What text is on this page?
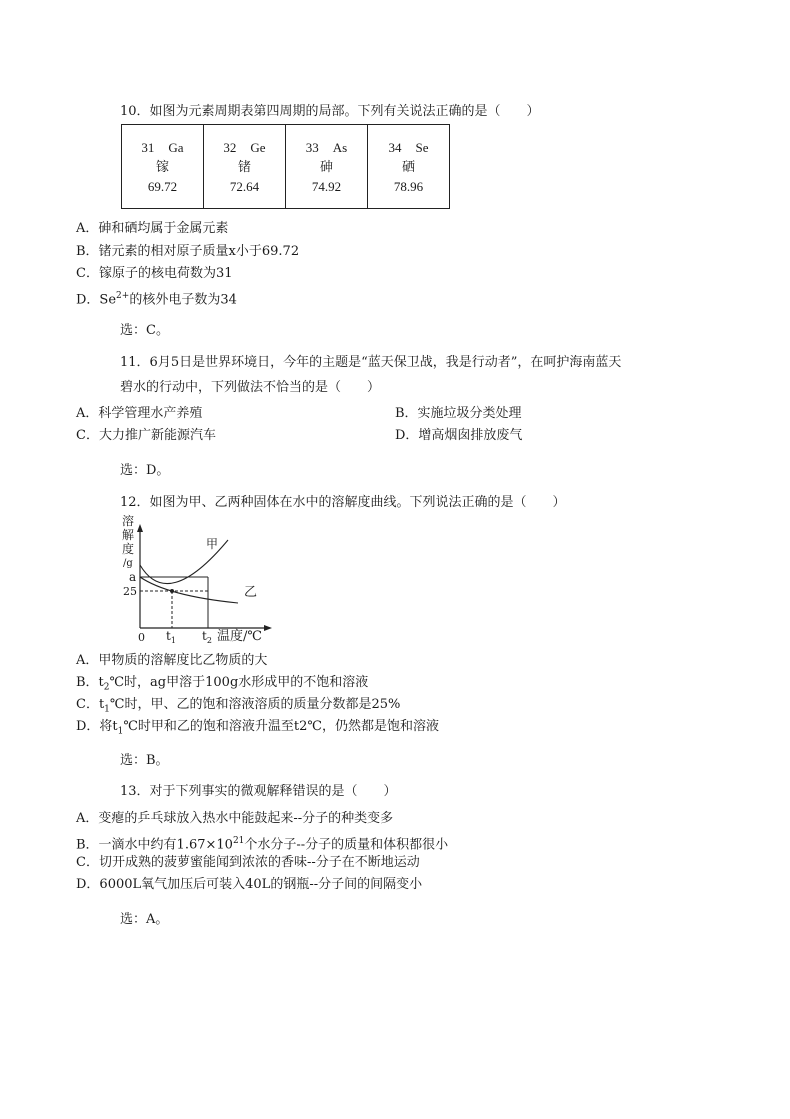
10．如图为元素周期表第四周期的局部。下列有关说法正确的是（　　）
31 Ga
镓
69.72

32 Ge
锗
72.64

33 As
砷
74.92

34 Se
硒
78.96
A．砷和硒均属于金属元素
B．锗元素的相对原子质量x小于69.72
C．镓原子的核电荷数为31
D．$Se^{2+}$的核外电子数为34
选：C。
11．6月5日是世界环境日，今年的主题是“蓝天保卫战，我是行动者”，在呵护海南蓝天
碧水的行动中，下列做法不恰当的是（　　）
A．科学管理水产养殖	B．实施垃圾分类处理
C．大力推广新能源汽车	D．增高烟囱排放废气
选：D。
12．如图为甲、乙两种固体在水中的溶解度曲线。下列说法正确的是（　　）
溶
解
度
/g
甲
乙
a
25
0 $t_1$ $t_2$ 温度/℃
A．甲物质的溶解度比乙物质的大
B．$t_2℃$时，ag甲溶于100g水形成甲的不饱和溶液
C．$t_1℃$时，甲、乙的饱和溶液溶质的质量分数都是25%
D．将$t_1℃$时甲和乙的饱和溶液升温至t2℃，仍然都是饱和溶液
选：B。
13．对于下列事实的微观解释错误的是（　　）
A．变瘪的乒乓球放入热水中能鼓起来--分子的种类变多
B．一滴水中约有$1.67\times 10^{21}$个水分子--分子的质量和体积都很小
C．切开成熟的菠萝蜜能闻到浓浓的香味--分子在不断地运动
D．6000L氧气加压后可装入40L的钢瓶--分子间的间隔变小
选：A。
